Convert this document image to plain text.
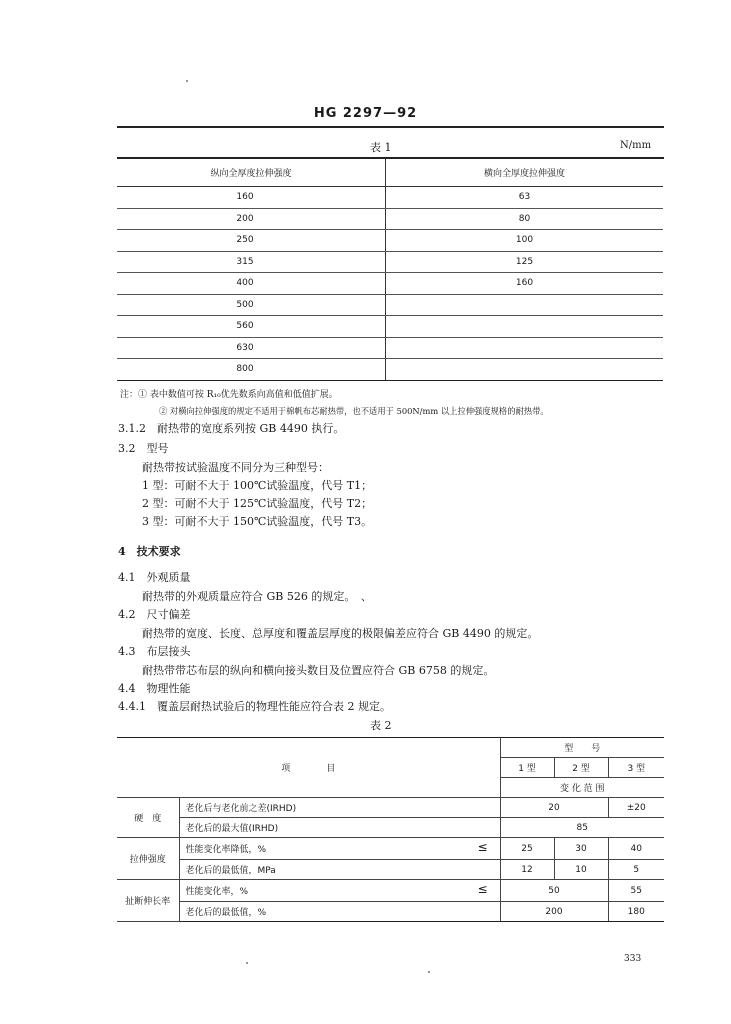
HG 2297—92
表 1	N/mm
纵向全厚度拉伸强度	横向全厚度拉伸强度
160	63
200	80
250	100
315	125
400	160
500	
560	
630	
800	
注：① 表中数值可按 R₁₀优先数系向高值和低值扩展。
② 对横向拉伸强度的规定不适用于棉帆布芯耐热带，也不适用于 500N/mm 以上拉伸强度规格的耐热带。
3.1.2　耐热带的宽度系列按 GB 4490 执行。
3.2　型号
耐热带按试验温度不同分为三种型号：
1 型：可耐不大于 100℃试验温度，代号 T1；
2 型：可耐不大于 125℃试验温度，代号 T2；
3 型：可耐不大于 150℃试验温度，代号 T3。
4　技术要求
4.1　外观质量
耐热带的外观质量应符合 GB 526 的规定。　、
4.2　尺寸偏差
耐热带的宽度、长度、总厚度和覆盖层厚度的极限偏差应符合 GB 4490 的规定。
4.3　布层接头
耐热带带芯布层的纵向和横向接头数目及位置应符合 GB 6758 的规定。
4.4　物理性能
4.4.1　覆盖层耐热试验后的物理性能应符合表 2 规定。
表 2
项　　　　目		型　　号		
		1 型	2 型	3 型
		变 化 范 围		
硬　度	老化后与老化前之差(IRHD)	20		±20
	老化后的最大值(IRHD)	85		
拉伸强度	性能变化率降低，% ≤	25	30	40
	老化后的最低值，MPa	12	10	5
扯断伸长率	性能变化率，% ≤	50		55
	老化后的最低值，%	200		180
333
